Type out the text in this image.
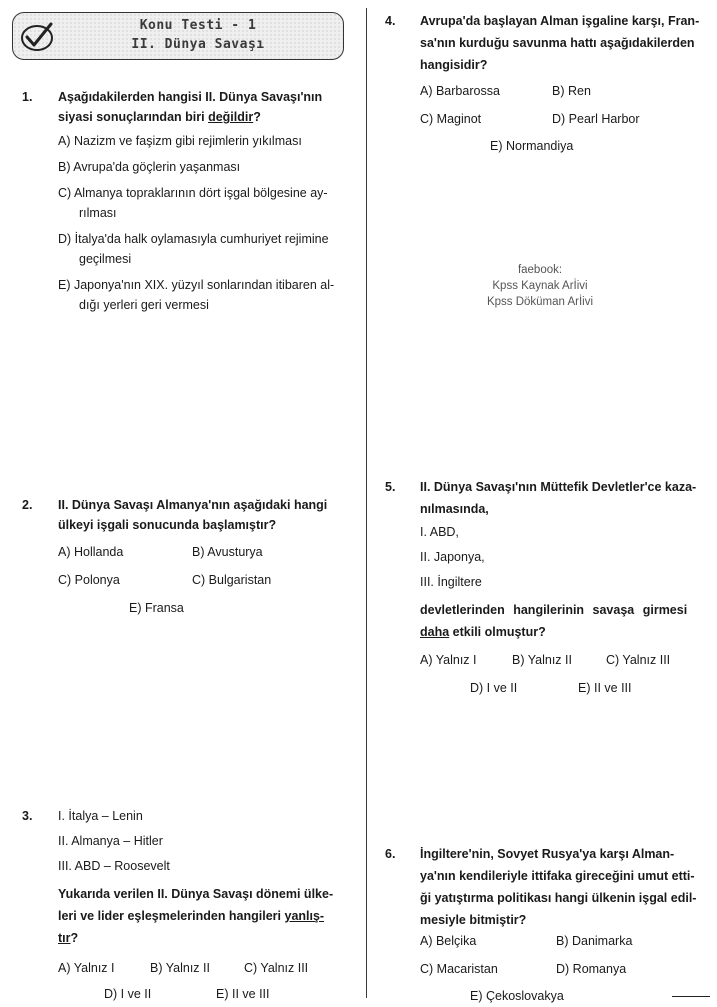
Konu Testi - 1
II. Dünya Savaşı
1. Aşağıdakilerden hangisi II. Dünya Savaşı'nın
siyasi sonuçlarından biri değildir?
A) Nazizm ve faşizm gibi rejimlerin yıkılması
B) Avrupa'da göçlerin yaşanması
C) Almanya topraklarının dört işgal bölgesine ay-
rılması
D) İtalya'da halk oylamasıyla cumhuriyet rejimine
geçilmesi
E) Japonya'nın XIX. yüzyıl sonlarından itibaren al-
dığı yerleri geri vermesi
2. II. Dünya Savaşı Almanya'nın aşağıdaki hangi
ülkeyi işgali sonucunda başlamıştır?
A) Hollanda	B) Avusturya
C) Polonya	C) Bulgaristan
E) Fransa
3. I. İtalya – Lenin
II. Almanya – Hitler
III. ABD – Roosevelt
Yukarıda verilen II. Dünya Savaşı dönemi ülke-
leri ve lider eşleşmelerinden hangileri yanlış-
tır?
A) Yalnız I	B) Yalnız II	C) Yalnız III
D) I ve II	E) II ve III
4. Avrupa'da başlayan Alman işgaline karşı, Fran-
sa'nın kurduğu savunma hattı aşağıdakilerden
hangisidir?
A) Barbarossa	B) Ren
C) Maginot	D) Pearl Harbor
E) Normandiya
faebook:
Kpss Kaynak Arİivi
Kpss Döküman Arİivi
5. II. Dünya Savaşı'nın Müttefik Devletler'ce kaza-
nılmasında,
I. ABD,
II. Japonya,
III. İngiltere
devletlerinden hangilerinin savaşa girmesi
daha etkili olmuştur?
A) Yalnız I	B) Yalnız II	C) Yalnız III
D) I ve II	E) II ve III
6. İngiltere'nin, Sovyet Rusya'ya karşı Alman-
ya'nın kendileriyle ittifaka gireceğini umut etti-
ği yatıştırma politikası hangi ülkenin işgal edil-
mesiyle bitmiştir?
A) Belçika	B) Danimarka
C) Macaristan	D) Romanya
E) Çekoslovakya
